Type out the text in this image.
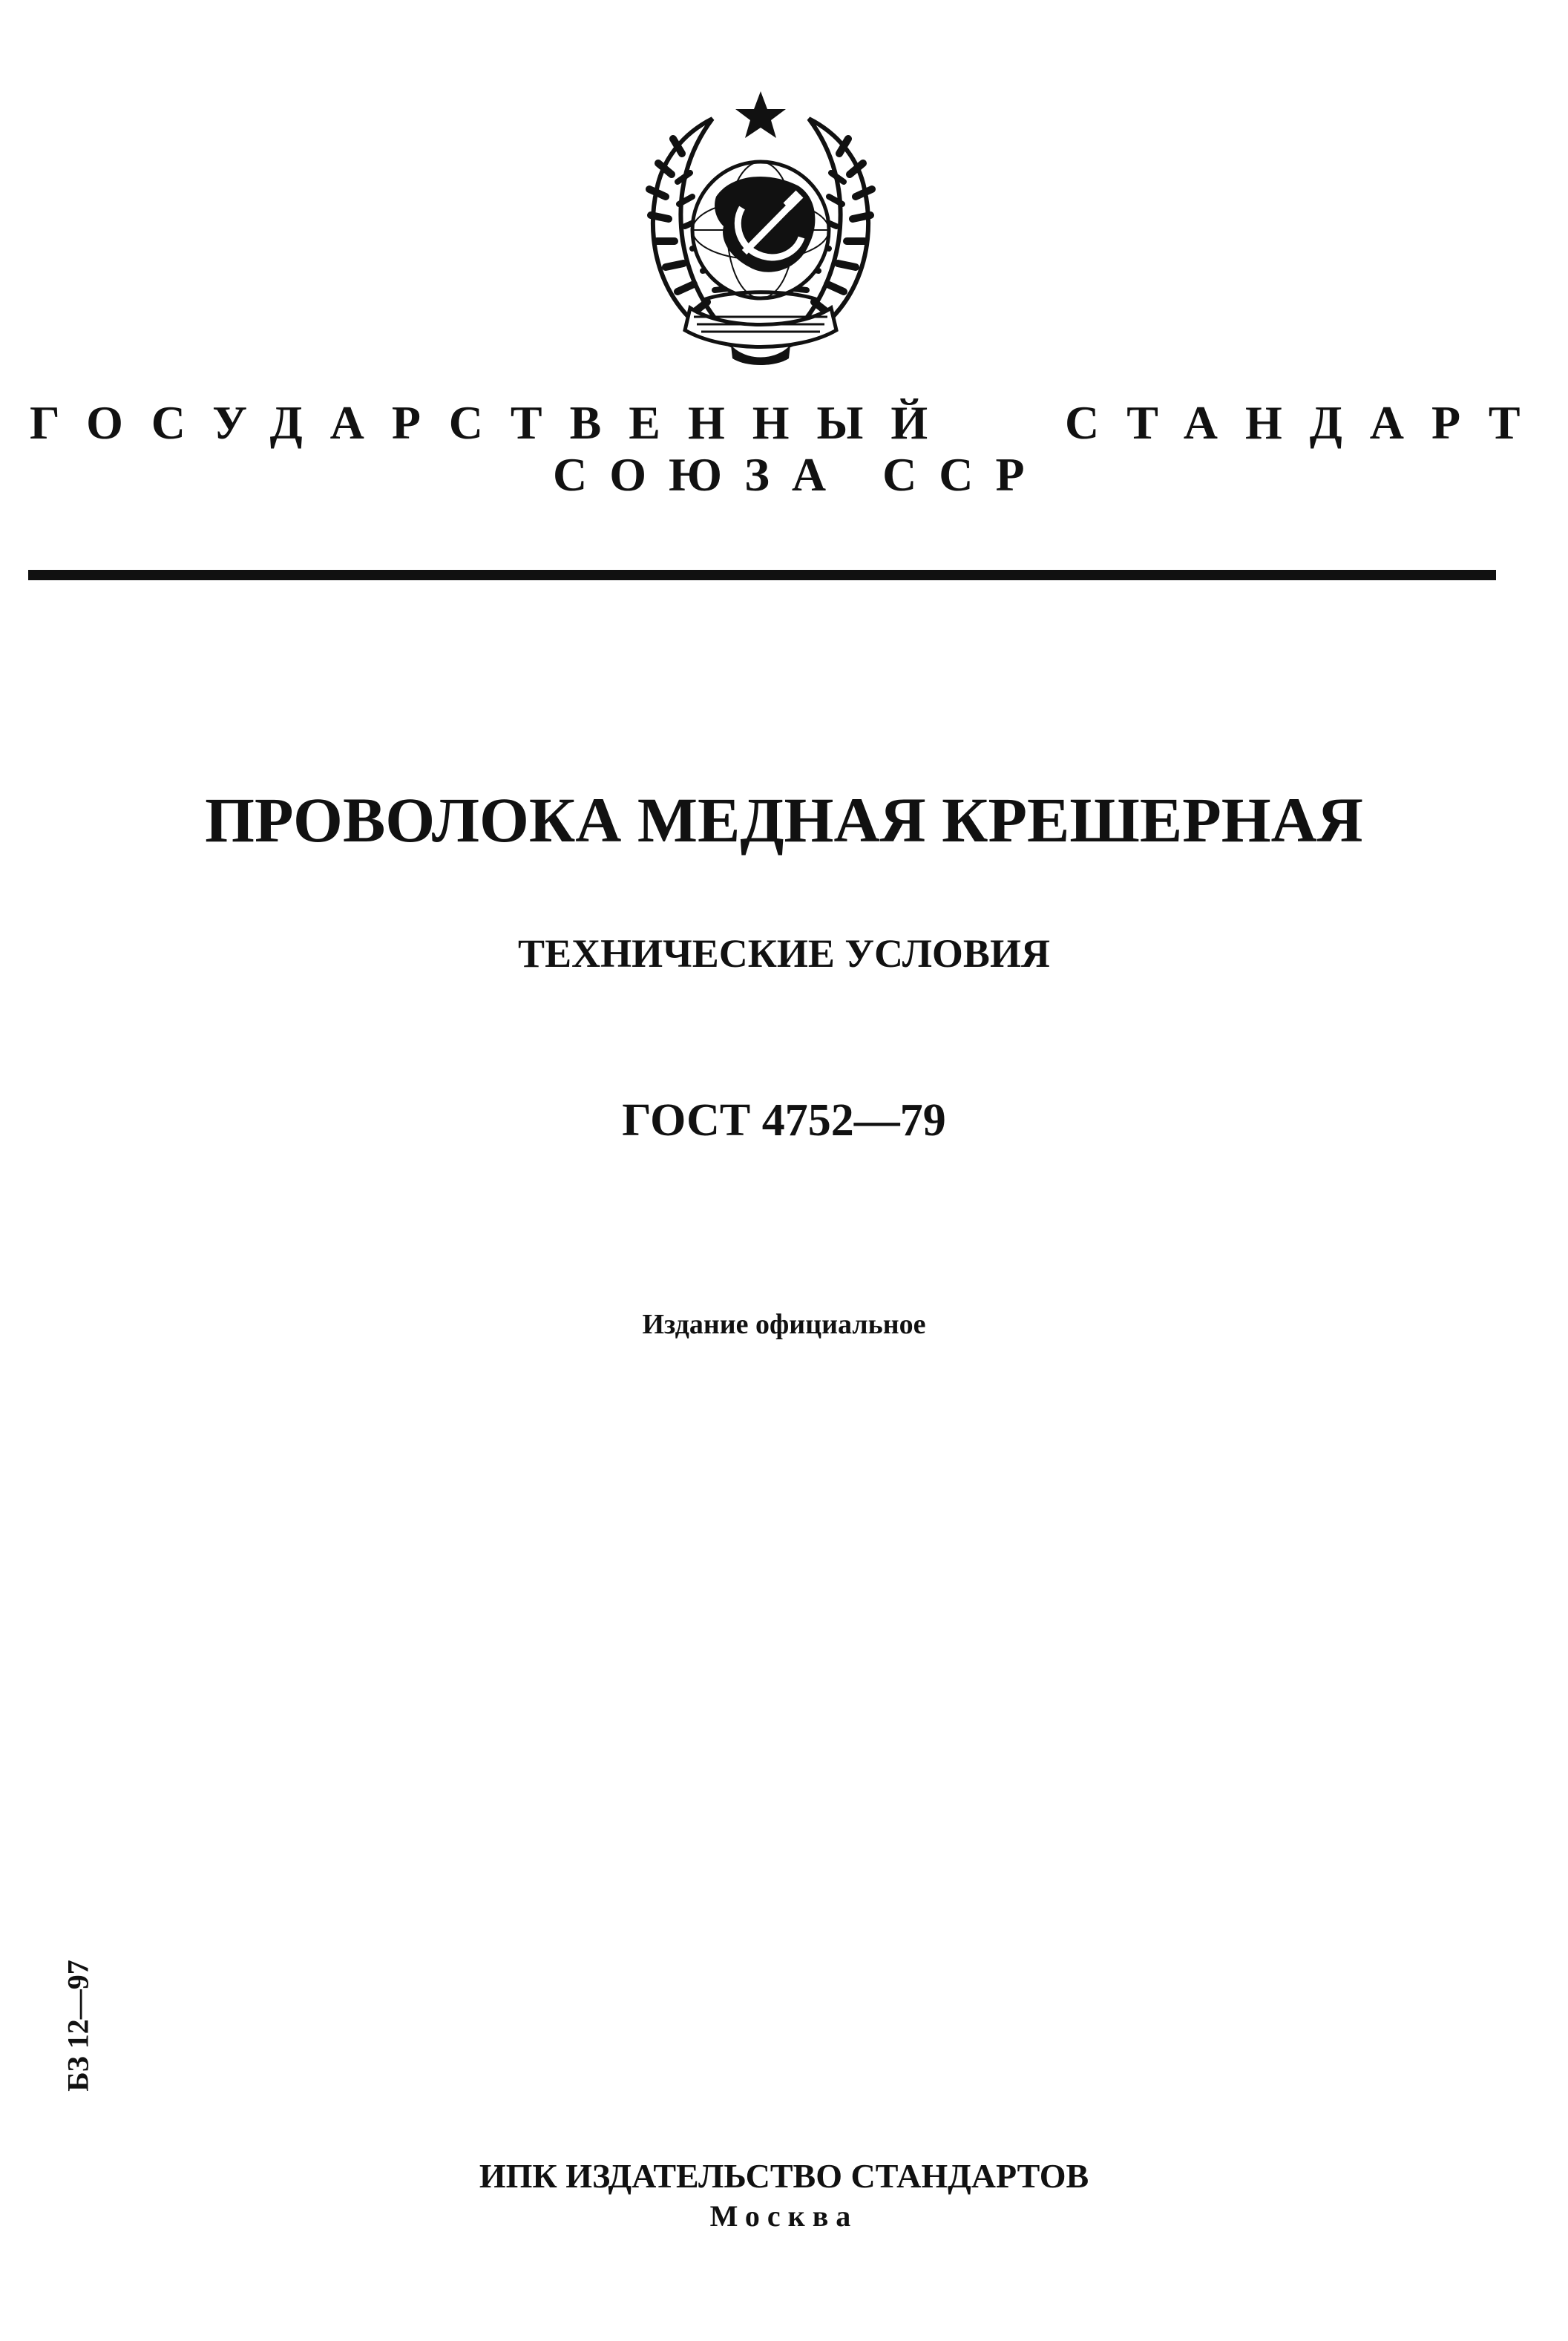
ГОСУДАРСТВЕННЫЙ СТАНДАРТ
СОЮЗА ССР
ПРОВОЛОКА МЕДНАЯ КРЕШЕРНАЯ
ТЕХНИЧЕСКИЕ УСЛОВИЯ
ГОСТ 4752—79
Издание официальное
БЗ 12—97
ИПК ИЗДАТЕЛЬСТВО СТАНДАРТОВ
Москва
